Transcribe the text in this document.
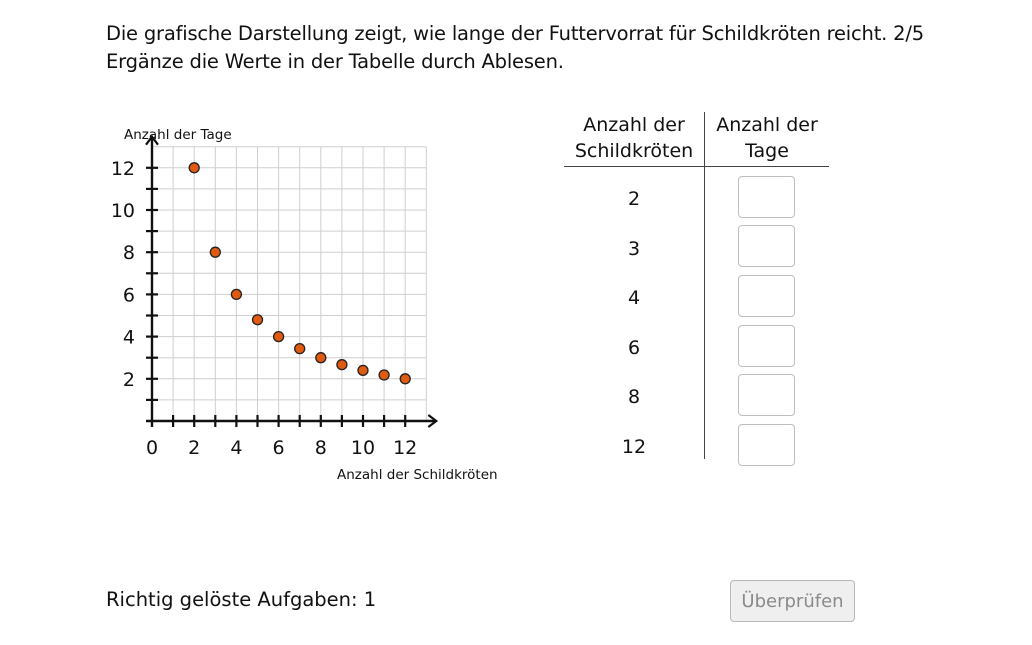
Die grafische Darstellung zeigt, wie lange der Futtervorrat für Schildkröten reicht. 2/5
Ergänze die Werte in der Tabelle durch Ablesen.
0 2 4 6 8 10 12
2
4
6
8
10
12
Anzahl der Tage
Anzahl der Schildkröten
Anzahl der
Schildkröten
Anzahl der
Tage
2
3
4
6
8
12
Richtig gelöste Aufgaben: 1	Überprüfen
